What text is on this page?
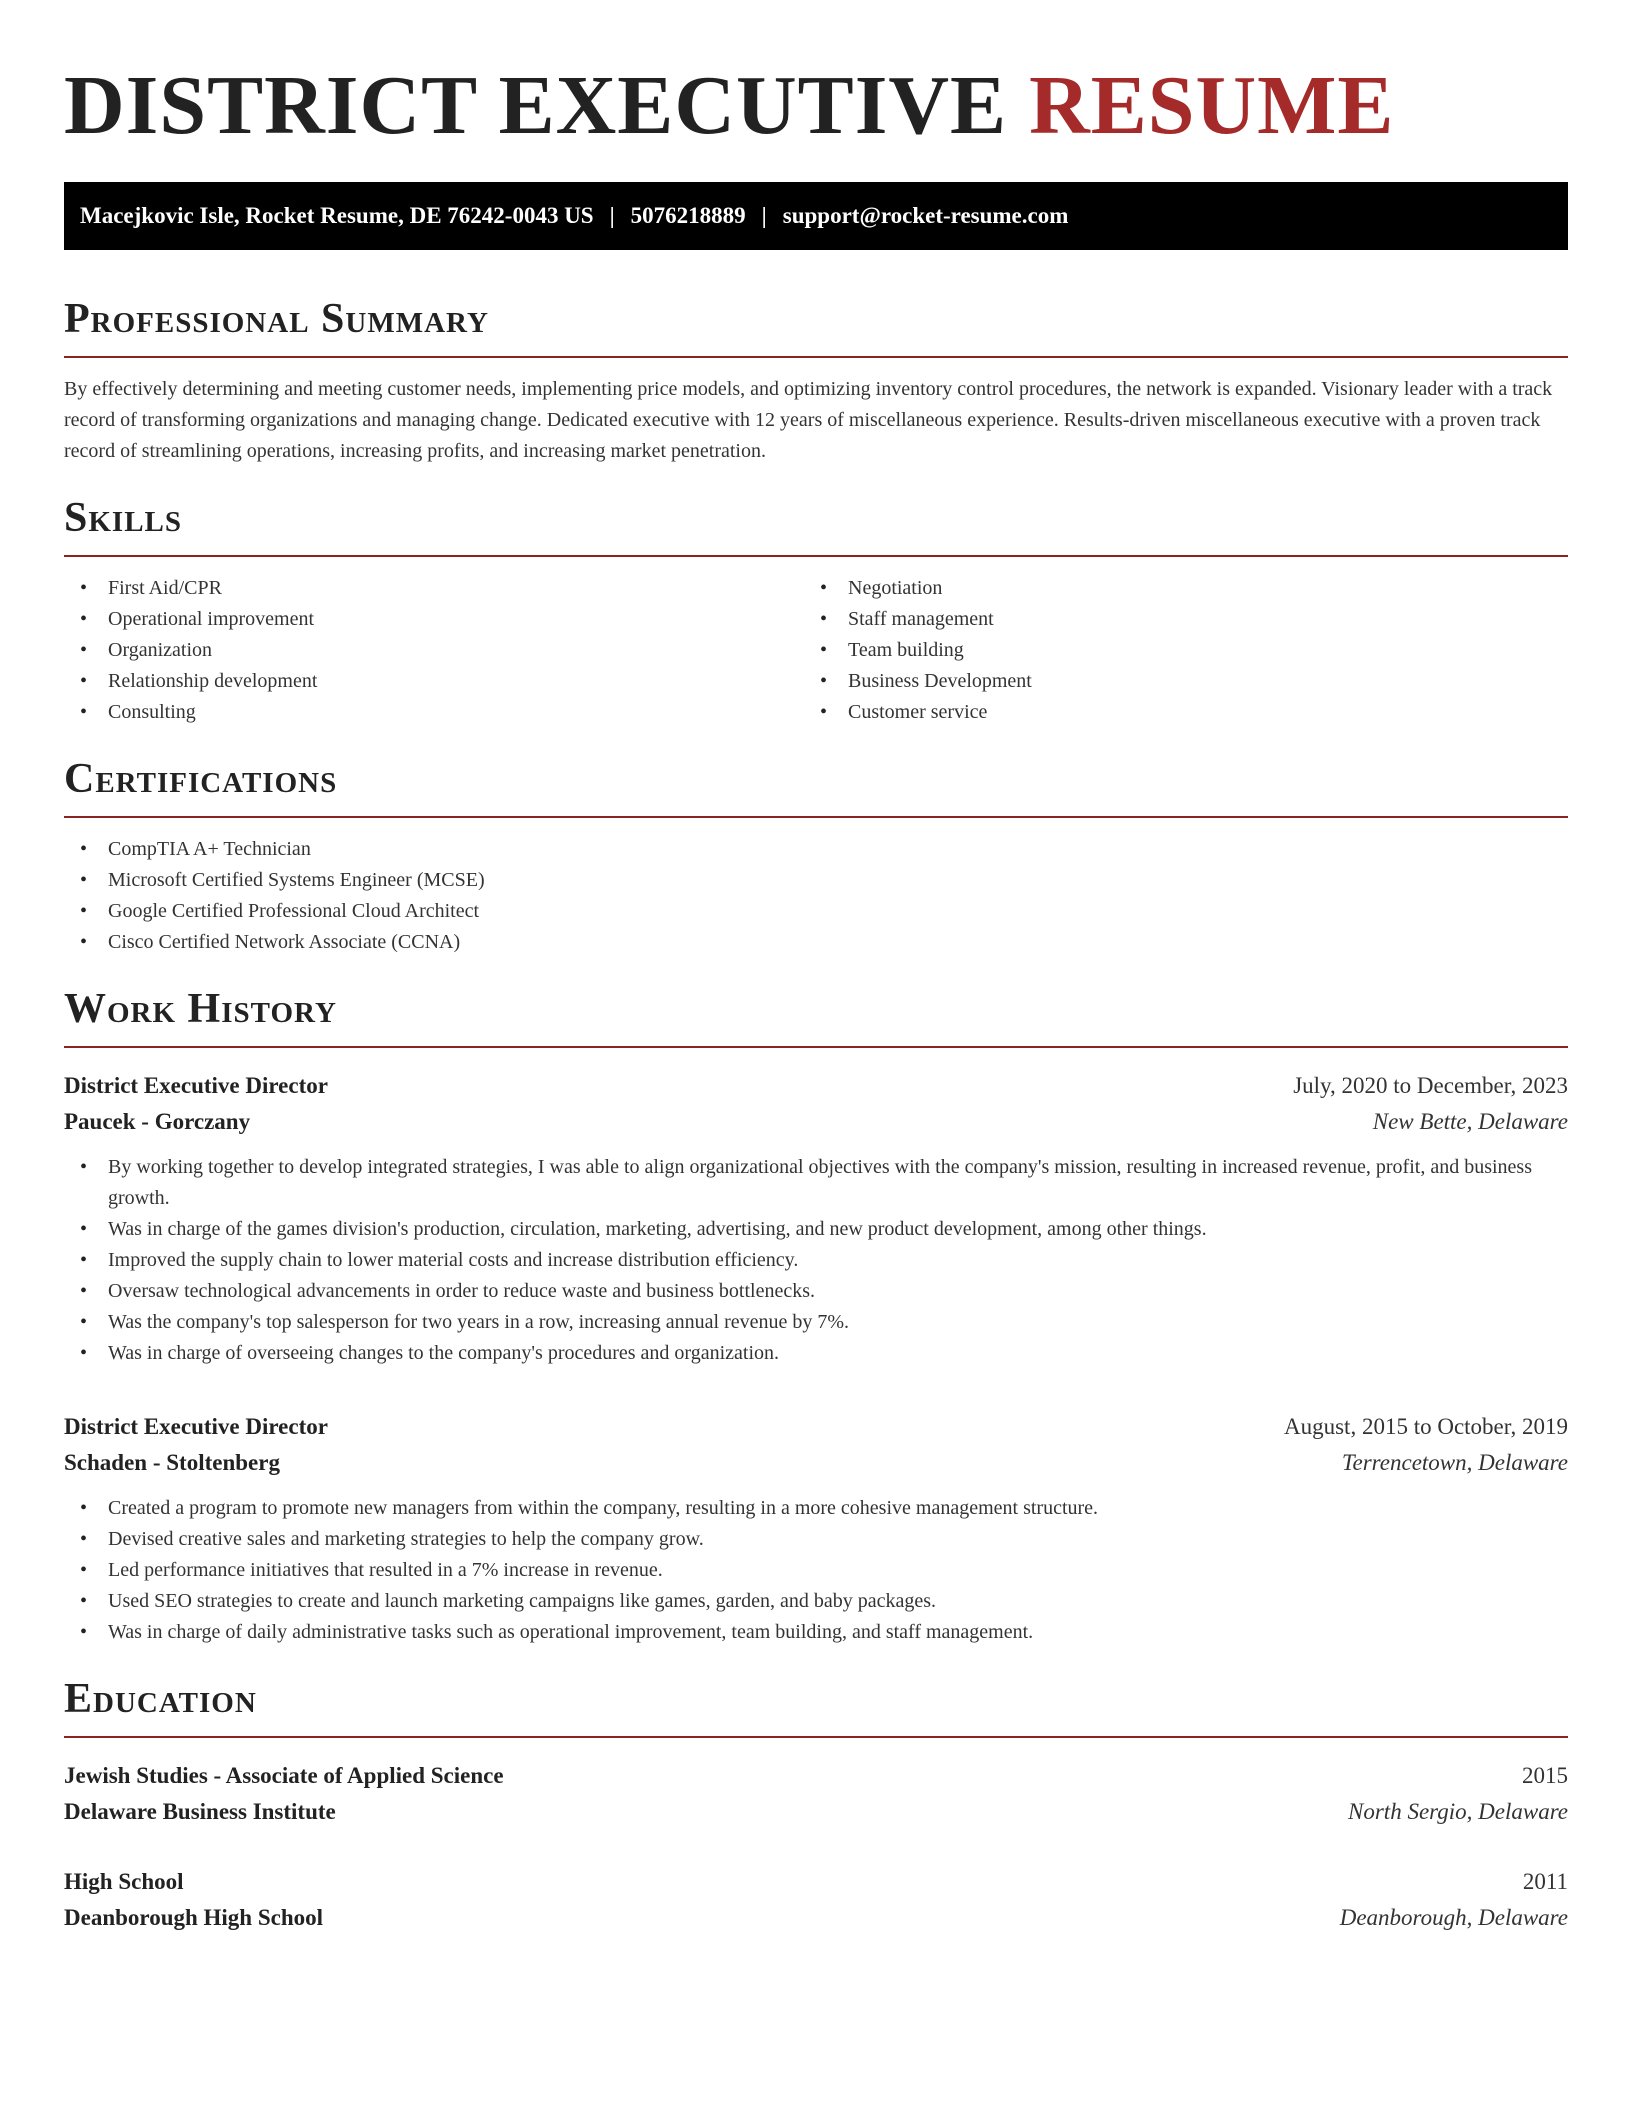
DISTRICT EXECUTIVE RESUME
Macejkovic Isle, Rocket Resume, DE 76242-0043 US | 5076218889 | support@rocket-resume.com
Professional Summary

By effectively determining and meeting customer needs, implementing price models, and optimizing inventory control procedures, the network is expanded. Visionary leader with a track record of transforming organizations and managing change. Dedicated executive with 12 years of miscellaneous experience. Results-driven miscellaneous executive with a proven track record of streamlining operations, increasing profits, and increasing market penetration.

Skills
• First Aid/CPR
• Operational improvement
• Organization
• Relationship development
• Consulting
• Negotiation
• Staff management
• Team building
• Business Development
• Customer service
Certifications
• CompTIA A+ Technician
• Microsoft Certified Systems Engineer (MCSE)
• Google Certified Professional Cloud Architect
• Cisco Certified Network Associate (CCNA)
Work History
District Executive Director	July, 2020 to December, 2023
Paucek - Gorczany	New Bette, Delaware
• By working together to develop integrated strategies, I was able to align organizational objectives with the company's mission, resulting in increased revenue, profit, and business growth.
• Was in charge of the games division's production, circulation, marketing, advertising, and new product development, among other things.
• Improved the supply chain to lower material costs and increase distribution efficiency.
• Oversaw technological advancements in order to reduce waste and business bottlenecks.
• Was the company's top salesperson for two years in a row, increasing annual revenue by 7%.
• Was in charge of overseeing changes to the company's procedures and organization.
District Executive Director	August, 2015 to October, 2019
Schaden - Stoltenberg	Terrencetown, Delaware
• Created a program to promote new managers from within the company, resulting in a more cohesive management structure.
• Devised creative sales and marketing strategies to help the company grow.
• Led performance initiatives that resulted in a 7% increase in revenue.
• Used SEO strategies to create and launch marketing campaigns like games, garden, and baby packages.
• Was in charge of daily administrative tasks such as operational improvement, team building, and staff management.
Education
Jewish Studies - Associate of Applied Science	2015
Delaware Business Institute	North Sergio, Delaware
High School	2011
Deanborough High School	Deanborough, Delaware
